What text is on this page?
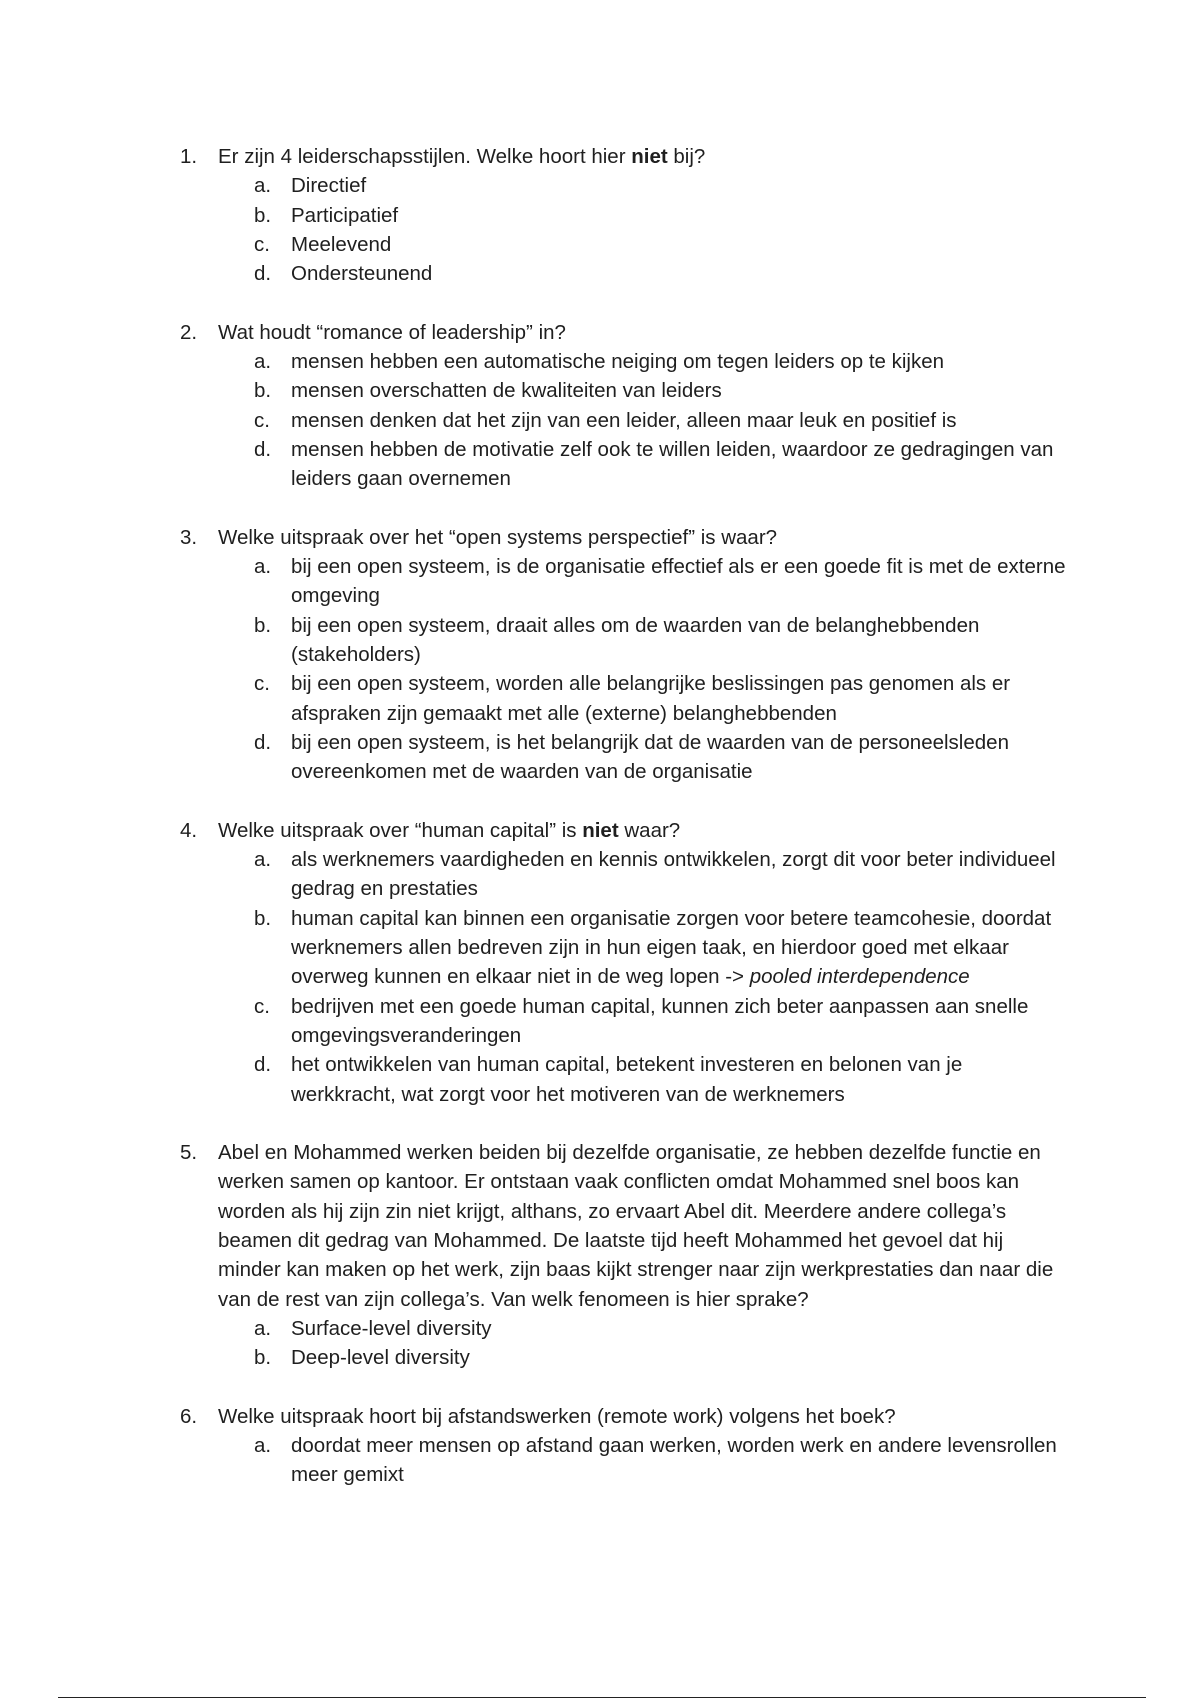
1.	Er zijn 4 leiderschapsstijlen. Welke hoort hier niet bij?
a. Directief
b. Participatief
c.	Meelevend
d. Ondersteunend
2.	Wat houdt “romance of leadership” in?
a. mensen hebben een automatische neiging om tegen leiders op te kijken
b. mensen overschatten de kwaliteiten van leiders
c.	mensen denken dat het zijn van een leider, alleen maar leuk en positief is
d. mensen hebben de motivatie zelf ook te willen leiden, waardoor ze gedragingen van leiders gaan overnemen
3.	Welke uitspraak over het “open systems perspectief” is waar?
a. bij een open systeem, is de organisatie effectief als er een goede fit is met de externe omgeving
b. bij een open systeem, draait alles om de waarden van de belanghebbenden (stakeholders)
c.	bij een open systeem, worden alle belangrijke beslissingen pas genomen als er afspraken zijn gemaakt met alle (externe) belanghebbenden
d. bij een open systeem, is het belangrijk dat de waarden van de personeelsleden overeenkomen met de waarden van de organisatie
4.	Welke uitspraak over “human capital” is niet waar?
a. als werknemers vaardigheden en kennis ontwikkelen, zorgt dit voor beter individueel gedrag en prestaties
b. human capital kan binnen een organisatie zorgen voor betere teamcohesie, doordat werknemers allen bedreven zijn in hun eigen taak, en hierdoor goed met elkaar overweg kunnen en elkaar niet in de weg lopen -> pooled interdependence
c.	bedrijven met een goede human capital, kunnen zich beter aanpassen aan snelle omgevingsveranderingen
d. het ontwikkelen van human capital, betekent investeren en belonen van je werkkracht, wat zorgt voor het motiveren van de werknemers
5.	Abel en Mohammed werken beiden bij dezelfde organisatie, ze hebben dezelfde functie en werken samen op kantoor. Er ontstaan vaak conflicten omdat Mohammed snel boos kan worden als hij zijn zin niet krijgt, althans, zo ervaart Abel dit. Meerdere andere collega’s beamen dit gedrag van Mohammed. De laatste tijd heeft Mohammed het gevoel dat hij minder kan maken op het werk, zijn baas kijkt strenger naar zijn werkprestaties dan naar die van de rest van zijn collega’s. Van welk fenomeen is hier sprake?
a. Surface-level diversity
b. Deep-level diversity
6.	Welke uitspraak hoort bij afstandswerken (remote work) volgens het boek?
a. doordat meer mensen op afstand gaan werken, worden werk en andere levensrollen meer gemixt
